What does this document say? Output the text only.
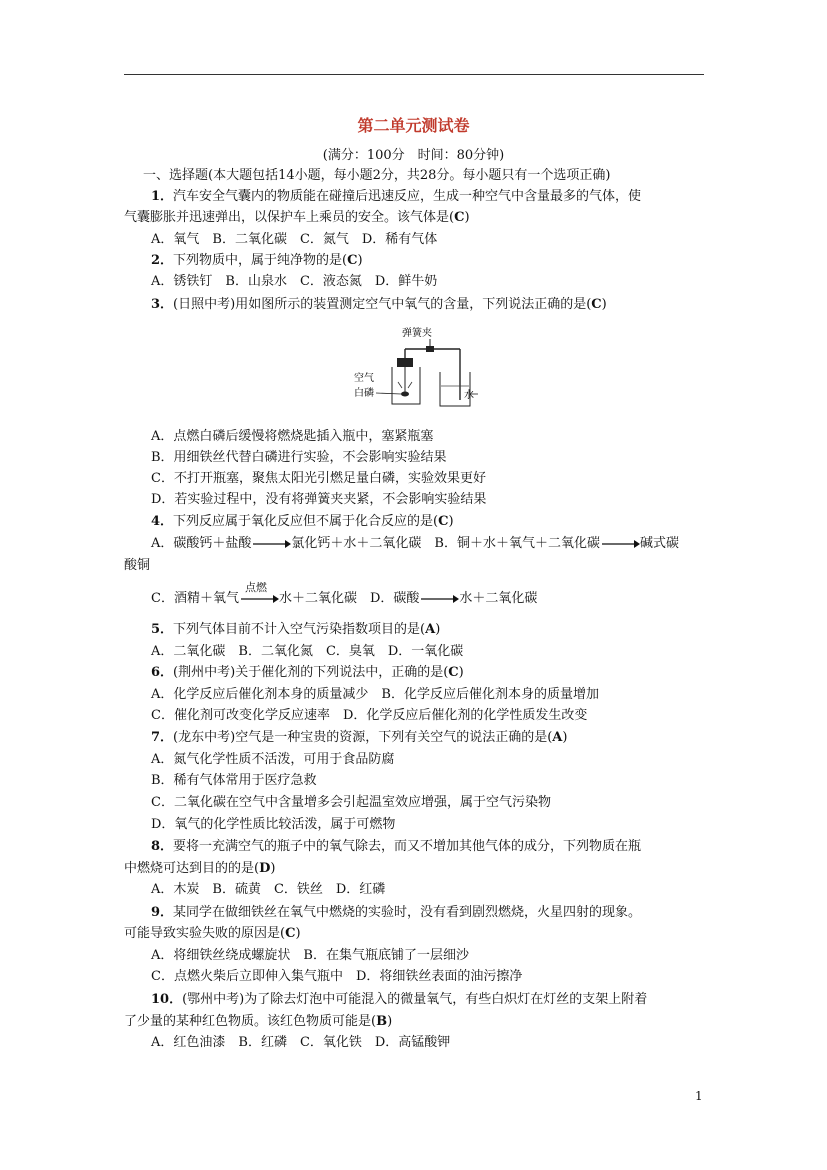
第二单元测试卷
(满分：100分　时间：80分钟)
一、选择题(本大题包括14小题，每小题2分，共28分。每小题只有一个选项正确)
1．汽车安全气囊内的物质能在碰撞后迅速反应，生成一种空气中含量最多的气体，使
气囊膨胀并迅速弹出，以保护车上乘员的安全。该气体是(C)
A．氧气　B．二氧化碳　C．氮气　D．稀有气体
2．下列物质中，属于纯净物的是(C)
A．锈铁钉　B．山泉水　C．液态氮　D．鲜牛奶
3．(日照中考)用如图所示的装置测定空气中氧气的含量，下列说法正确的是(C)
弹簧夹
空气
白磷	水
A．点燃白磷后缓慢将燃烧匙插入瓶中，塞紧瓶塞
B．用细铁丝代替白磷进行实验，不会影响实验结果
C．不打开瓶塞，聚焦太阳光引燃足量白磷，实验效果更好
D．若实验过程中，没有将弹簧夹夹紧，不会影响实验结果
4．下列反应属于氧化反应但不属于化合反应的是(C)
A．碳酸钙＋盐酸→氯化钙＋水＋二氧化碳　 B．铜＋水＋氧气＋二氧化碳→碱式碳
酸铜
C．酒精＋氧气
点燃
水＋二氧化碳　 D．碳酸→水＋二氧化碳
5．下列气体目前不计入空气污染指数项目的是(A)
A．二氧化碳　B．二氧化氮　C．臭氧　D．一氧化碳
6．(荆州中考)关于催化剂的下列说法中，正确的是(C)
A．化学反应后催化剂本身的质量减少　B．化学反应后催化剂本身的质量增加
C．催化剂可改变化学反应速率　D．化学反应后催化剂的化学性质发生改变
7．(龙东中考)空气是一种宝贵的资源，下列有关空气的说法正确的是(A)
A．氮气化学性质不活泼，可用于食品防腐
B．稀有气体常用于医疗急救
C．二氧化碳在空气中含量增多会引起温室效应增强，属于空气污染物
D．氧气的化学性质比较活泼，属于可燃物
8．要将一充满空气的瓶子中的氧气除去，而又不增加其他气体的成分，下列物质在瓶
中燃烧可达到目的的是(D)
A．木炭　B．硫黄　C．铁丝　D．红磷
9．某同学在做细铁丝在氧气中燃烧的实验时，没有看到剧烈燃烧，火星四射的现象。
可能导致实验失败的原因是(C)
A．将细铁丝绕成螺旋状　B．在集气瓶底铺了一层细沙
C．点燃火柴后立即伸入集气瓶中　D．将细铁丝表面的油污擦净
10．(鄂州中考)为了除去灯泡中可能混入的微量氧气，有些白炽灯在灯丝的支架上附着
了少量的某种红色物质。该红色物质可能是(B)
A．红色油漆　B．红磷　C．氧化铁　D．高锰酸钾
1
